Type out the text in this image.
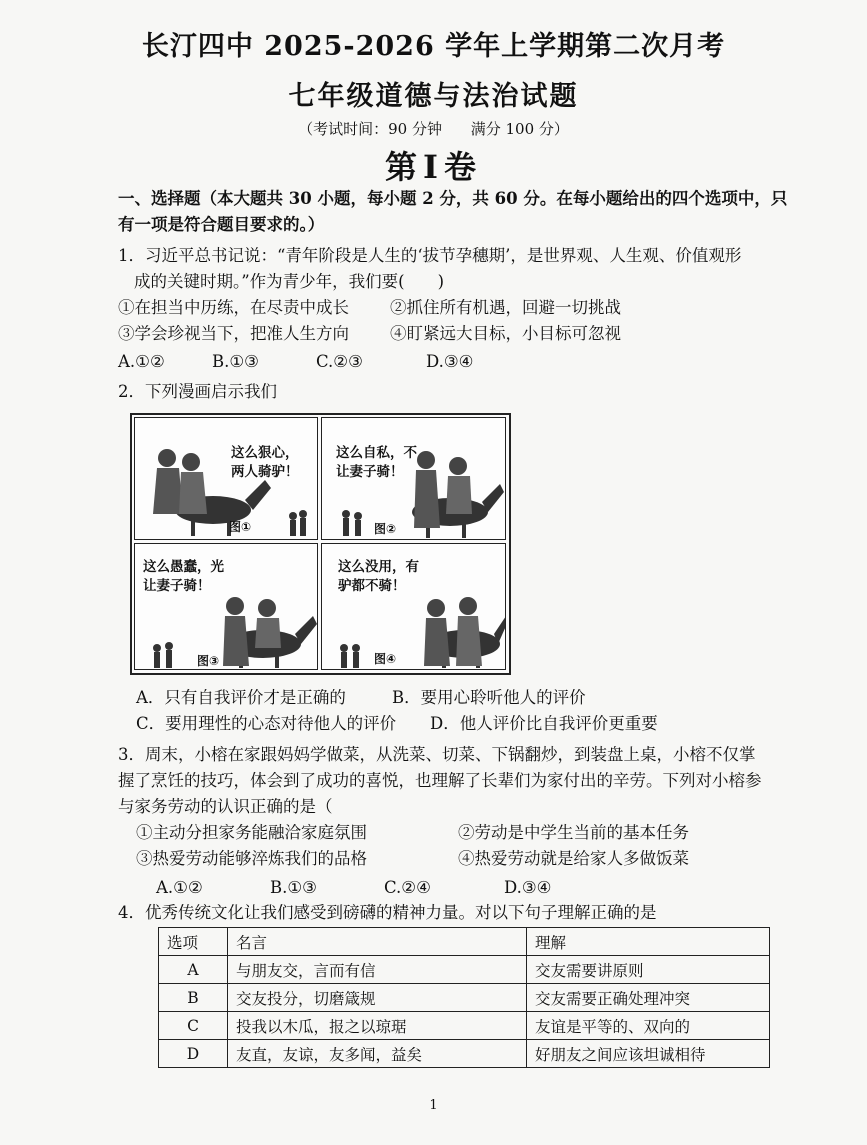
长汀四中 2025-2026 学年上学期第二次月考
七年级道德与法治试题
（考试时间：90 分钟 满分 100 分）
第Ⅰ卷
一、选择题（本大题共 30 小题，每小题 2 分，共 60 分。在每小题给出的四个选项中，只
有一项是符合题目要求的。）
1．习近平总书记说：“青年阶段是人生的‘拔节孕穗期’，是世界观、人生观、价值观形
成的关键时期。”作为青少年，我们要(　　)
①在担当中历练，在尽责中成长 ②抓住所有机遇，回避一切挑战
③学会珍视当下，把准人生方向 ④盯紧远大目标，小目标可忽视
A.①②	B.①③	C.②③	D.③④
2．下列漫画启示我们
这么狠心，
两人骑驴！
图①
这么自私，不
让妻子骑！
图②
这么愚蠢，光
让妻子骑！
图③
这么没用，有
驴都不骑！
图④
A．只有自我评价才是正确的	B．要用心聆听他人的评价
C．要用理性的心态对待他人的评价 D．他人评价比自我评价更重要
3．周末，小榕在家跟妈妈学做菜，从洗菜、切菜、下锅翻炒，到装盘上桌，小榕不仅掌
握了烹饪的技巧，体会到了成功的喜悦，也理解了长辈们为家付出的辛劳。下列对小榕参
与家务劳动的认识正确的是（
①主动分担家务能融洽家庭氛围	②劳动是中学生当前的基本任务
③热爱劳动能够淬炼我们的品格	④热爱劳动就是给家人多做饭菜
A.①②	B.①③	C.②④	D.③④
4．优秀传统文化让我们感受到磅礴的精神力量。对以下句子理解正确的是
选项	名言	理解
A	与朋友交，言而有信	交友需要讲原则
B	交友投分，切磨箴规	交友需要正确处理冲突
C	投我以木瓜，报之以琼琚	友谊是平等的、双向的
D	友直，友谅，友多闻，益矣	好朋友之间应该坦诚相待
1
